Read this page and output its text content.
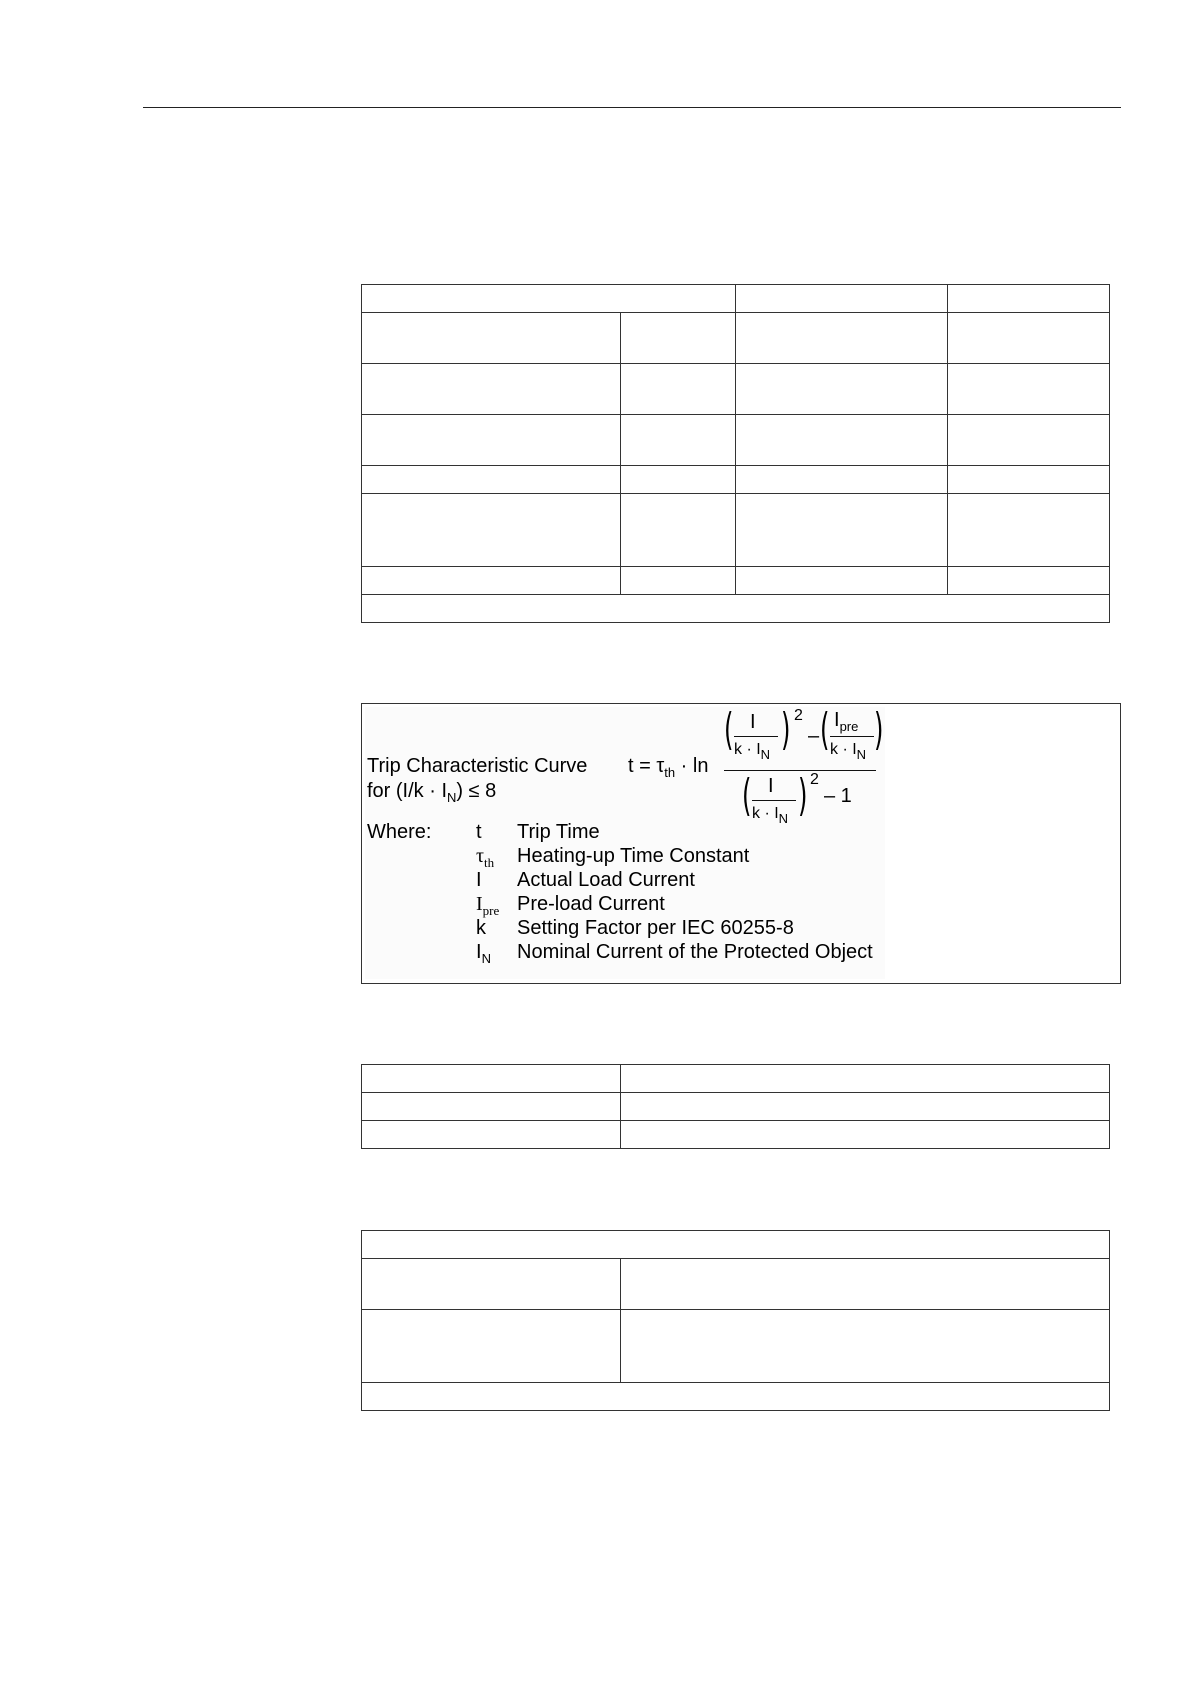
Trip Characteristic Curve
for $(I/k \cdot I_N) \le 8$
$t = \tau_{th} \cdot \ln$
( I
$k \cdot I_N$ ) 2
– ( $I_{pre}$
$k \cdot I_N$ )
( I
$k \cdot I_N$ ) 2
– 1
Where: t Trip Time
$\tau_{th}$ Heating-up Time Constant
I Actual Load Current
$I_{pre}$ Pre-load Current
k Setting Factor per IEC 60255-8
$I_N$ Nominal Current of the Protected Object
